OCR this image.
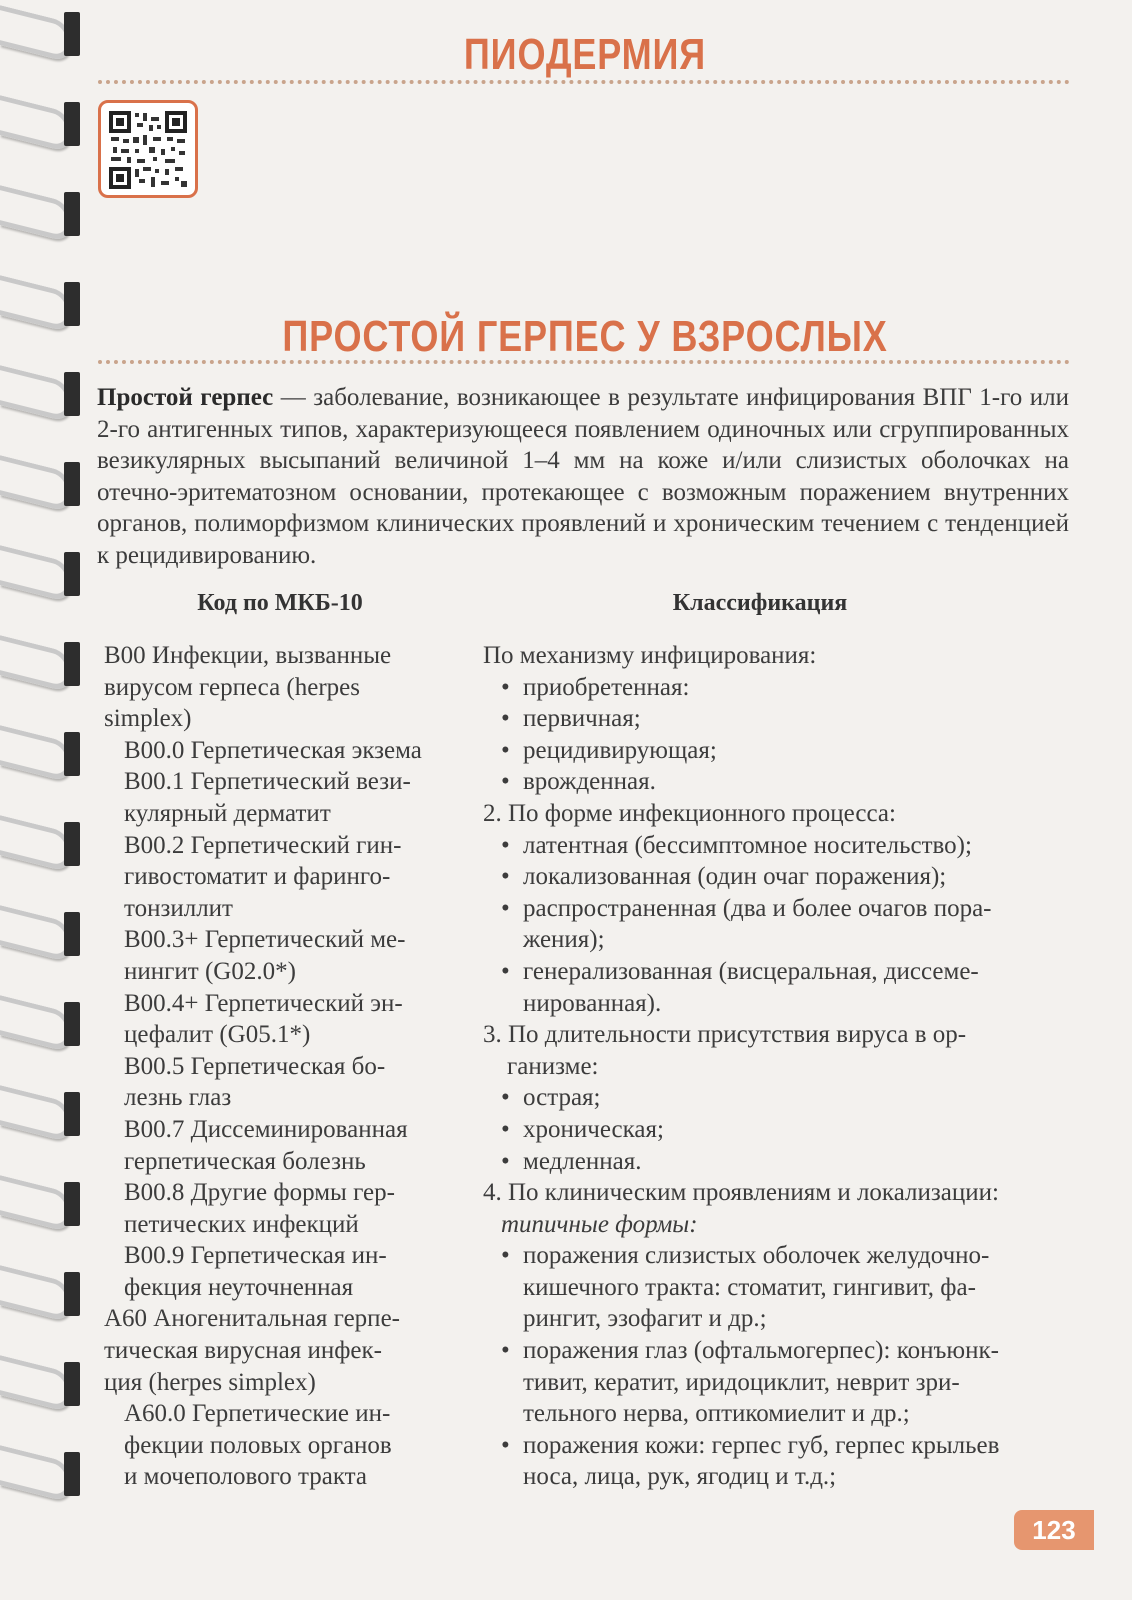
ПИОДЕРМИЯ
ПРОСТОЙ ГЕРПЕС У ВЗРОСЛЫХ
Простой герпес — заболевание, возникающее в результате инфицирования ВПГ 1-го или 2-го антигенных типов, характеризующееся появлением одиночных или сгруппированных везикулярных высыпаний величиной 1–4 мм на коже и/или слизистых оболочках на отечно-эритематозном основании, протекающее с возможным поражением внутренних органов, полиморфизмом клинических проявлений и хроническим течением с тенденцией к рецидивированию.
Код по МКБ-10	Классификация
B00 Инфекции, вызванные
вирусом герпеса (herpes
simplex)
B00.0 Герпетическая экзема
B00.1 Герпетический вези-
кулярный дерматит
B00.2 Герпетический гин-
гивостоматит и фаринго-
тонзиллит
B00.3+ Герпетический ме-
нингит (G02.0*)
B00.4+ Герпетический эн-
цефалит (G05.1*)
B00.5 Герпетическая бо-
лезнь глаз
B00.7 Диссеминированная
герпетическая болезнь
B00.8 Другие формы гер-
петических инфекций
B00.9 Герпетическая ин-
фекция неуточненная
A60 Аногенитальная герпе-
тическая вирусная инфек-
ция (herpes simplex)
A60.0 Герпетические ин-
фекции половых органов
и мочеполового тракта
По механизму инфицирования:
• приобретенная:
• первичная;
• рецидивирующая;
• врожденная.
2. По форме инфекционного процесса:
• латентная (бессимптомное носительство);
• локализованная (один очаг поражения);
• распространенная (два и более очагов пора-
жения);
• генерализованная (висцеральная, диссеме-
нированная).
3. По длительности присутствия вируса в ор-
ганизме:
• острая;
• хроническая;
• медленная.
4. По клиническим проявлениям и локализации:
типичные формы:
• поражения слизистых оболочек желудочно-
кишечного тракта: стоматит, гингивит, фа-
рингит, эзофагит и др.;
• поражения глаз (офтальмогерпес): конъюнк-
тивит, кератит, иридоциклит, неврит зри-
тельного нерва, оптикомиелит и др.;
• поражения кожи: герпес губ, герпес крыльев
носа, лица, рук, ягодиц и т.д.;
123
